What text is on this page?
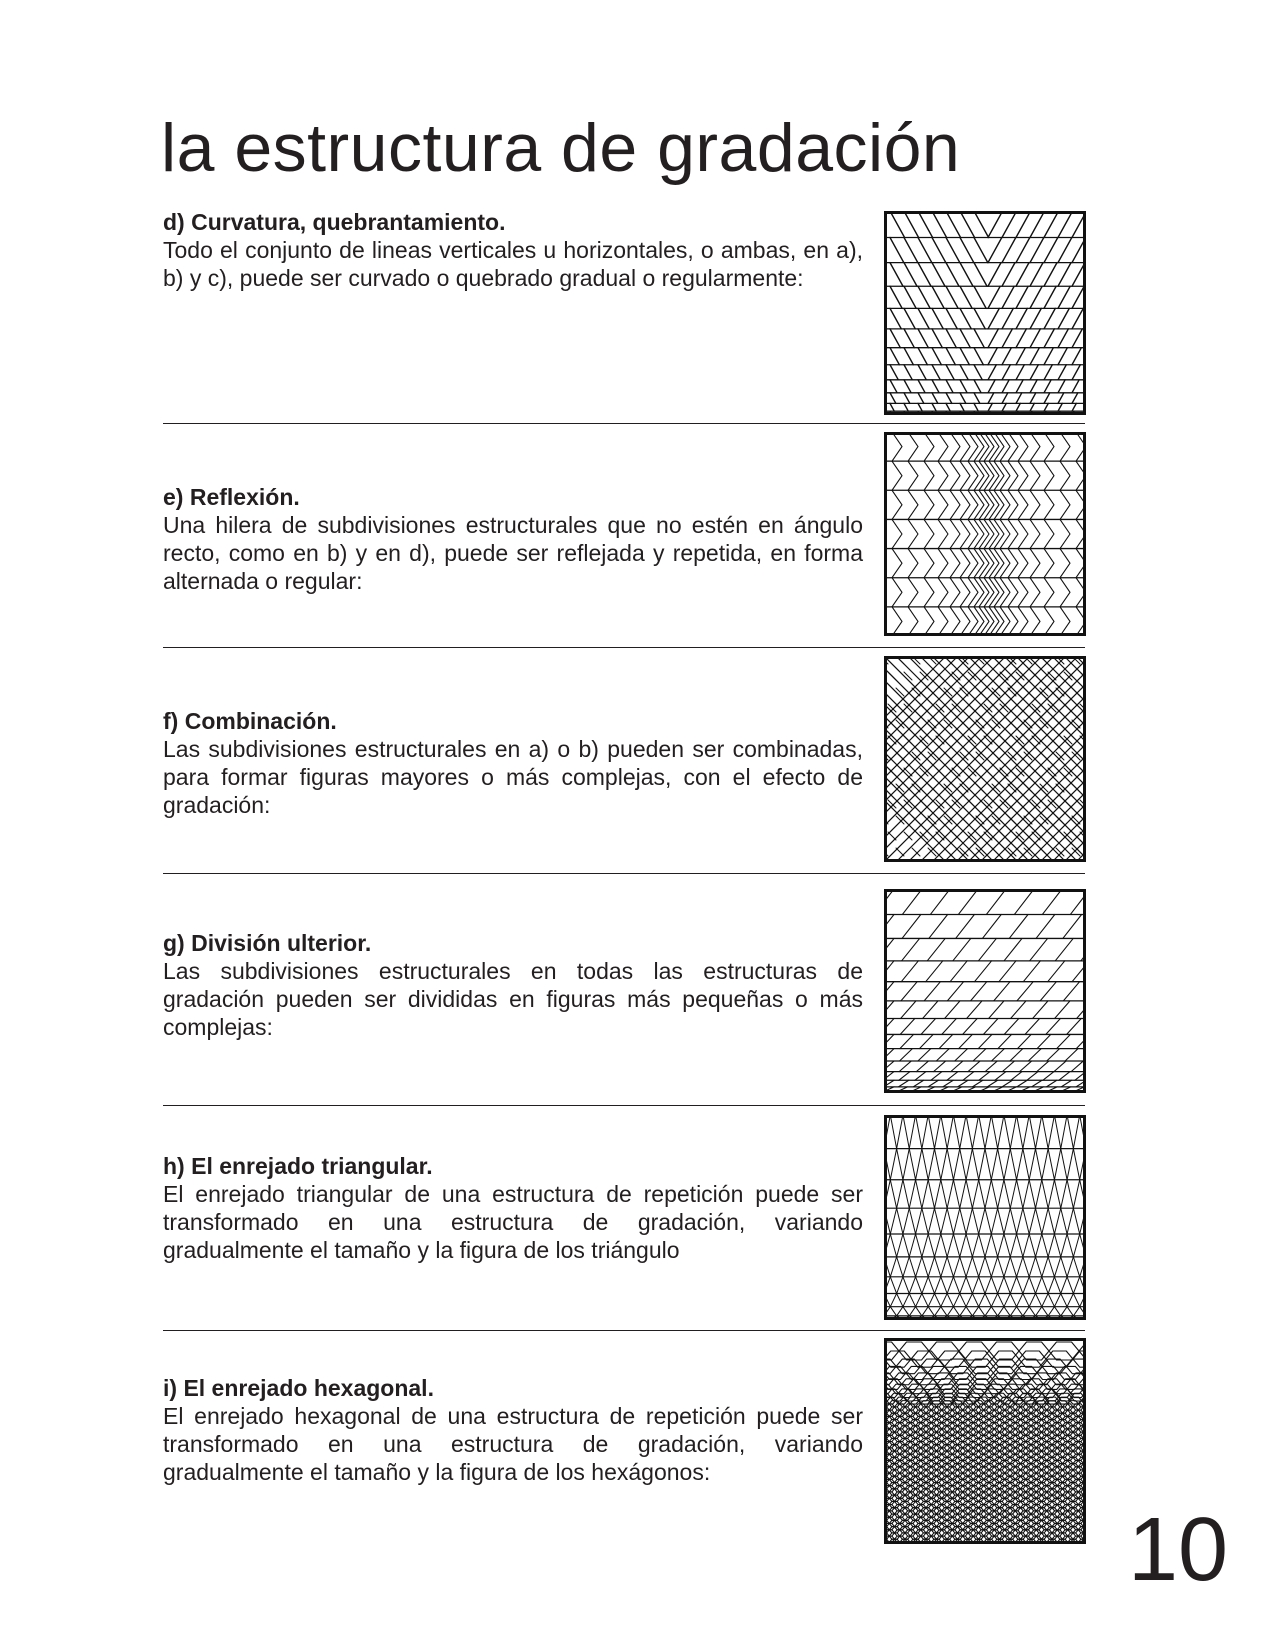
la estructura de gradación
d) Curvatura, quebrantamiento.

Todo el conjunto de lineas verticales u horizontales, o ambas, en a), b) y c), puede ser curvado o quebrado gradual o regularmente:

e) Reflexión.

Una hilera de subdivisiones estructurales que no estén en ángulo recto, como en b) y en d), puede ser reflejada y repetida, en forma alternada o regular:

f) Combinación.

Las subdivisiones estructurales en a) o b) pueden ser combinadas, para formar figuras mayores o más complejas, con el efecto de gradación:

g) División ulterior.

Las subdivisiones estructurales en todas las estructuras de gradación pueden ser divididas en figuras más pequeñas o más complejas:

h) El enrejado triangular.

El enrejado triangular de una estructura de repetición puede ser transformado en una estructura de gradación, variando gradualmente el tamaño y la figura de los triángulo

i) El enrejado hexagonal.

El enrejado hexagonal de una estructura de repetición puede ser transformado en una estructura de gradación, variando gradualmente el tamaño y la figura de los hexágonos:

10
